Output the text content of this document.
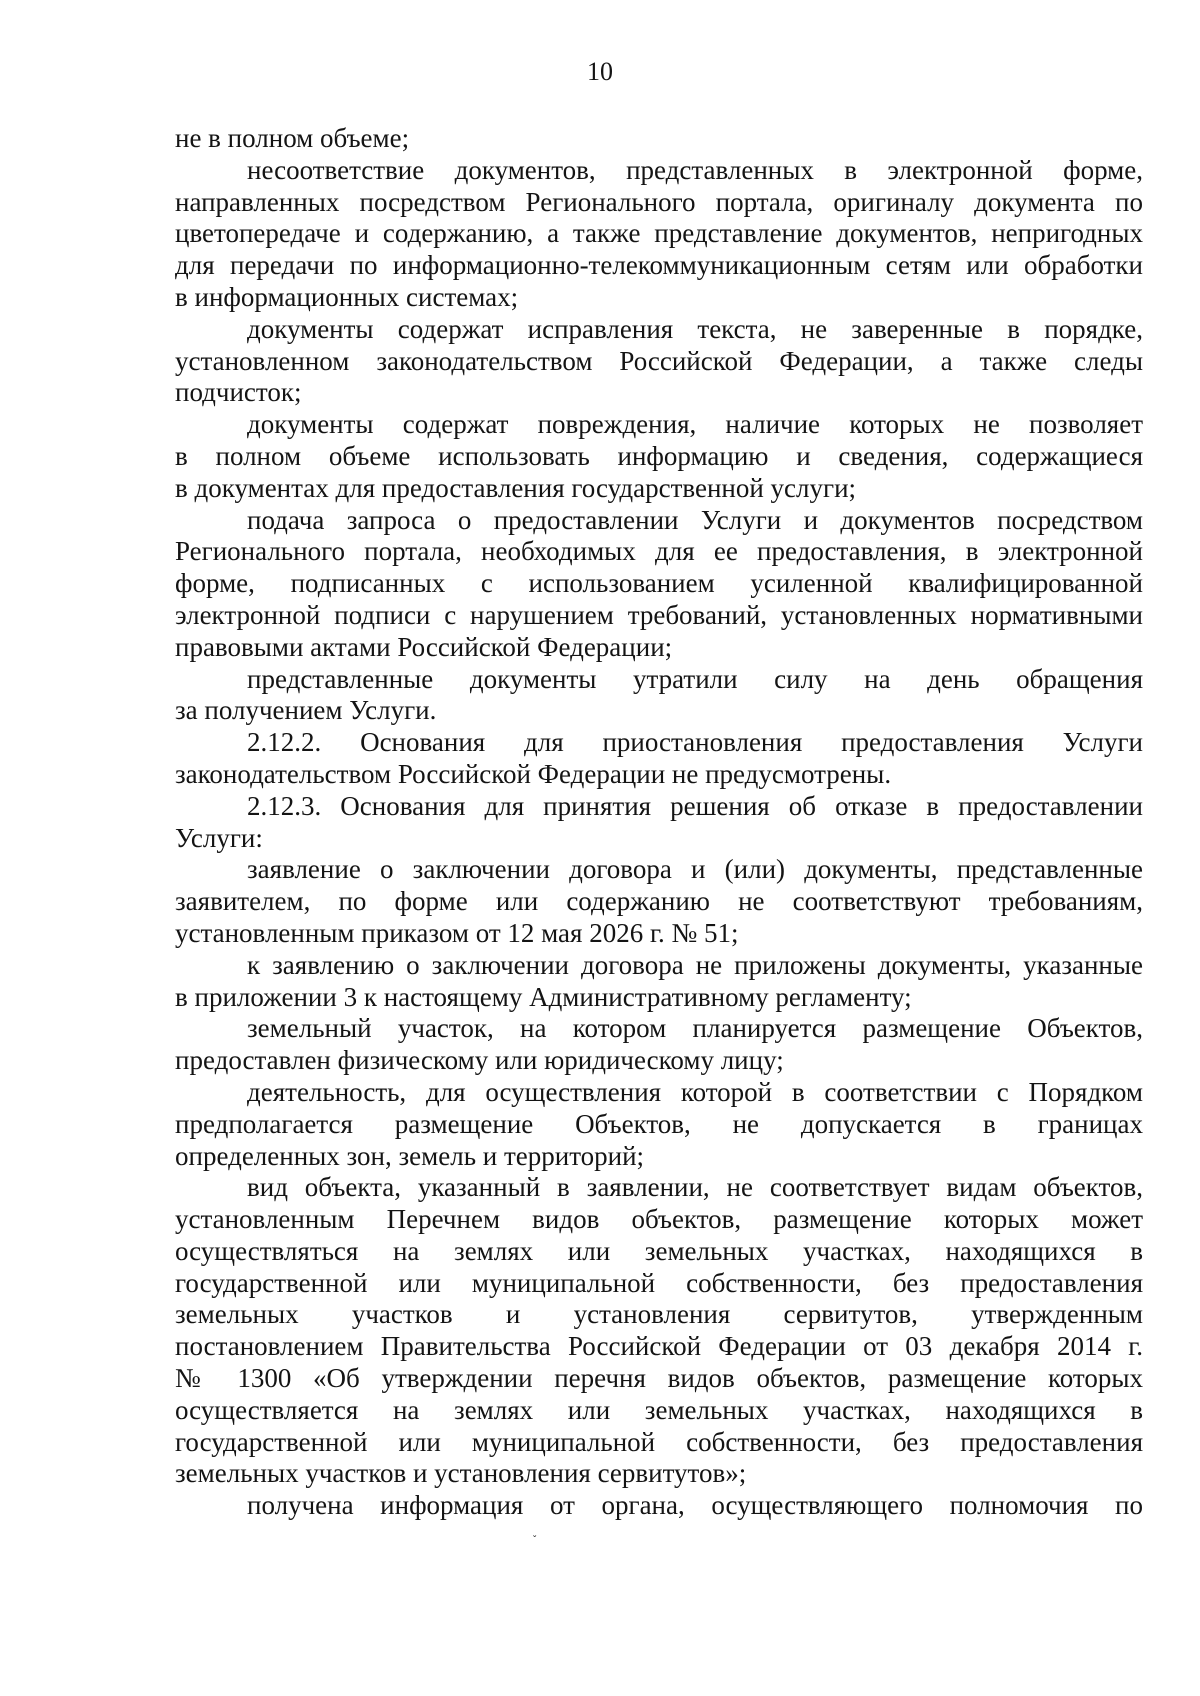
10
не в полном объеме;
несоответствие документов, представленных в электронной форме,
направленных посредством Регионального портала, оригиналу документа по
цветопередаче и содержанию, а также представление документов, непригодных
для передачи по информационно-телекоммуникационным сетям или обработки
в информационных системах;
документы содержат исправления текста, не заверенные в порядке,
установленном законодательством Российской Федерации, а также следы
подчисток;
документы содержат повреждения, наличие которых не позволяет
в полном объеме использовать информацию и сведения, содержащиеся
в документах для предоставления государственной услуги;
подача запроса о предоставлении Услуги и документов посредством
Регионального портала, необходимых для ее предоставления, в электронной
форме, подписанных с использованием усиленной квалифицированной
электронной подписи с нарушением требований, установленных нормативными
правовыми актами Российской Федерации;
представленные документы утратили силу на день обращения
за получением Услуги.
2.12.2. Основания для приостановления предоставления Услуги
законодательством Российской Федерации не предусмотрены.
2.12.3. Основания для принятия решения об отказе в предоставлении
Услуги:
заявление о заключении договора и (или) документы, представленные
заявителем, по форме или содержанию не соответствуют требованиям,
установленным приказом от 12 мая 2026 г. № 51;
к заявлению о заключении договора не приложены документы, указанные
в приложении 3 к настоящему Административному регламенту;
земельный участок, на котором планируется размещение Объектов,
предоставлен физическому или юридическому лицу;
деятельность, для осуществления которой в соответствии с Порядком
предполагается размещение Объектов, не допускается в границах
определенных зон, земель и территорий;
вид объекта, указанный в заявлении, не соответствует видам объектов,
установленным Перечнем видов объектов, размещение которых может
осуществляться на землях или земельных участках, находящихся в
государственной или муниципальной собственности, без предоставления
земельных участков и установления сервитутов, утвержденным
постановлением Правительства Российской Федерации от 03 декабря 2014 г.
№ 1300 «Об утверждении перечня видов объектов, размещение которых
осуществляется на землях или земельных участках, находящихся в
государственной или муниципальной собственности, без предоставления
земельных участков и установления сервитутов»;
получена информация от органа, осуществляющего полномочия по
˯
